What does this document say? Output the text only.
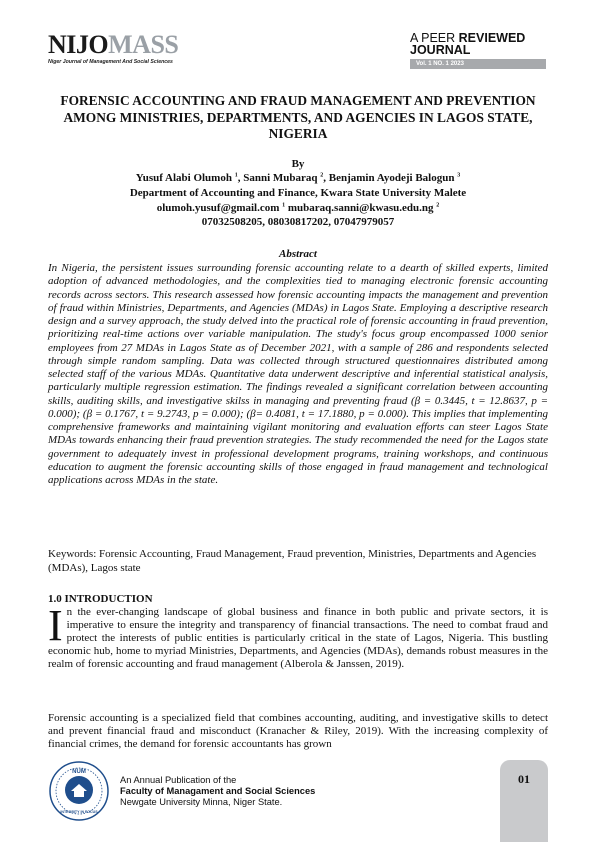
NIJOMASS
Niger Journal of Management And Social Sciences
A PEER REVIEWED
JOURNAL
Vol. 1 NO. 1 2023
FORENSIC ACCOUNTING AND FRAUD MANAGEMENT AND PREVENTION AMONG MINISTRIES, DEPARTMENTS, AND AGENCIES IN LAGOS STATE, NIGERIA
By
Yusuf Alabi Olumoh $^1$, Sanni Mubaraq $^2$, Benjamin Ayodeji Balogun $^3$
Department of Accounting and Finance, Kwara State University Malete
olumoh.yusuf@gmail.com $^1$ mubaraq.sanni@kwasu.edu.ng $^2$
07032508205, 08030817202, 07047979057
Abstract
In Nigeria, the persistent issues surrounding forensic accounting relate to a dearth of skilled experts, limited adoption of advanced methodologies, and the complexities tied to managing electronic forensic accounting records across sectors. This research assessed how forensic accounting impacts the management and prevention of fraud within Ministries, Departments, and Agencies (MDAs) in Lagos State. Employing a descriptive research design and a survey approach, the study delved into the practical role of forensic accounting in fraud prevention, prioritizing real-time actions over variable manipulation. The study's focus group encompassed 1000 senior employees from 27 MDAs in Lagos State as of December 2021, with a sample of 286 and respondents selected through simple random sampling. Data was collected through structured questionnaires distributed among selected staff of the various MDAs. Quantitative data underwent descriptive and inferential statistical analysis, particularly multiple regression estimation. The findings revealed a significant correlation between accounting skills, auditing skills, and investigative skilss in managing and preventing fraud (β = 0.3445, t = 12.8637, p = 0.000); (β = 0.1767, t = 9.2743, p = 0.000); (β= 0.4081, t = 17.1880, p = 0.000). This implies that implementing comprehensive frameworks and maintaining vigilant monitoring and evaluation efforts can steer Lagos State MDAs towards enhancing their fraud prevention strategies. The study recommended the need for the Lagos state government to adequately invest in professional development programs, training workshops, and continuous education to augment the forensic accounting skills of those engaged in fraud management and technological applications across MDAs in the state.
Keywords: Forensic Accounting, Fraud Management, Fraud prevention, Ministries, Departments and Agencies (MDAs), Lagos state
1.0 INTRODUCTION
In the ever-changing landscape of global business and finance in both public and private sectors, it is imperative to ensure the integrity and transparency of financial transactions. The need to combat fraud and protect the interests of public entities is particularly critical in the state of Lagos, Nigeria. This bustling economic hub, home to myriad Ministries, Departments, and Agencies (MDAs), demands robust measures in the realm of forensic accounting and fraud management (Alberola & Janssen, 2019).
Forensic accounting is a specialized field that combines accounting, auditing, and investigative skills to detect and prevent financial fraud and misconduct (Kranacher & Riley, 2019). With the increasing complexity of financial crimes, the demand for forensic accountants has grown
NUM
INTEGRITY IN FOCUS
An Annual Publication of the
Faculty of Managament and Social Sciences
Newgate University Minna, Niger State.
01
